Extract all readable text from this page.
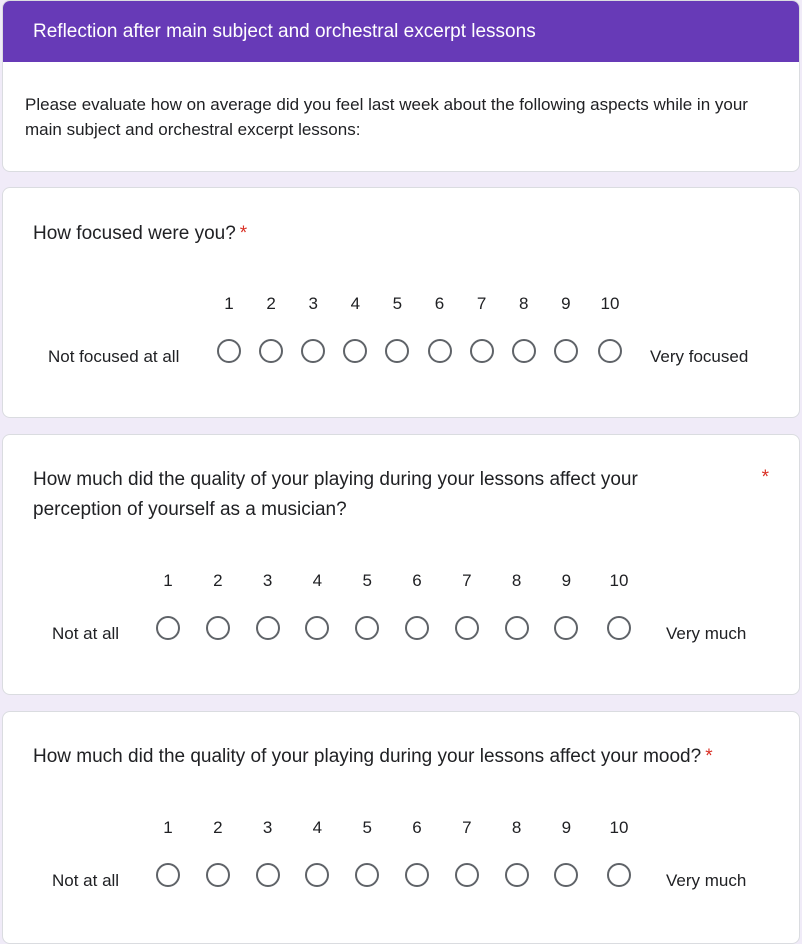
Reflection after main subject and orchestral excerpt lessons
Please evaluate how on average did you feel last week about the following aspects while in your main subject and orchestral excerpt lessons:
How focused were you? *
Not focused at all	Very focused
1 2 3 4 5 6 7 8 9 10
How much did the quality of your playing during your lessons affect your perception of yourself as a musician?
*
Not at all	Very much
1 2 3 4 5 6 7 8 9 10
How much did the quality of your playing during your lessons affect your mood? *
Not at all	Very much
1 2 3 4 5 6 7 8 9 10
